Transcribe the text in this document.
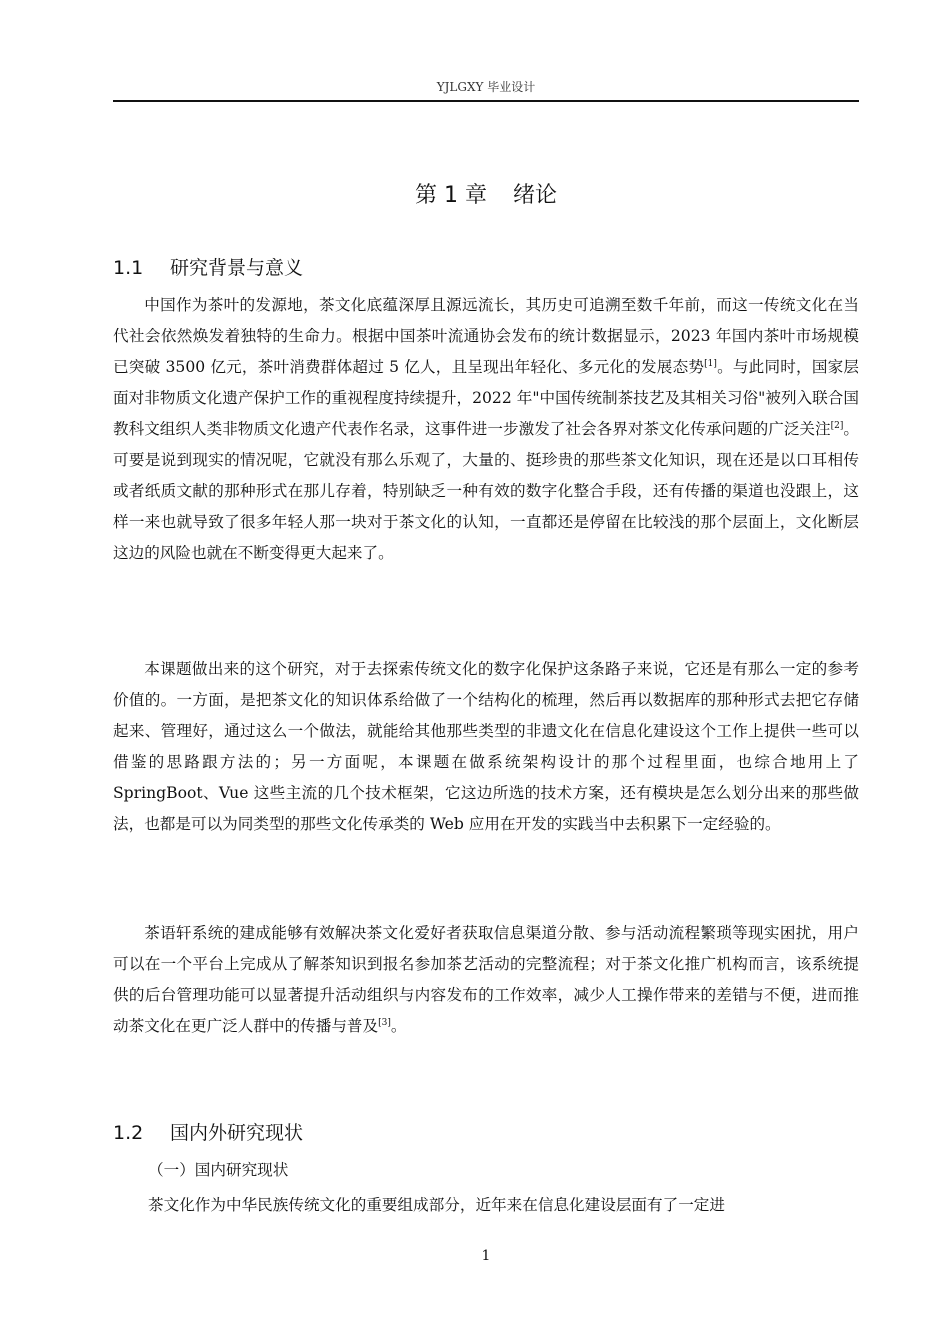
YJLGXY 毕业设计
第 1 章 绪论
1.1 研究背景与意义

中国作为茶叶的发源地，茶文化底蕴深厚且源远流长，其历史可追溯至数千年前，而这一传统文化在当代社会依然焕发着独特的生命力。根据中国茶叶流通协会发布的统计数据显示，2023 年国内茶叶市场规模已突破 3500 亿元，茶叶消费群体超过 5 亿人，且呈现出年轻化、多元化的发展态势[1]。与此同时，国家层面对非物质文化遗产保护工作的重视程度持续提升，2022 年"中国传统制茶技艺及其相关习俗"被列入联合国教科文组织人类非物质文化遗产代表作名录，这事件进一步激发了社会各界对茶文化传承问题的广泛关注[2]。可要是说到现实的情况呢，它就没有那么乐观了，大量的、挺珍贵的那些茶文化知识，现在还是以口耳相传或者纸质文献的那种形式在那儿存着，特别缺乏一种有效的数字化整合手段，还有传播的渠道也没跟上，这样一来也就导致了很多年轻人那一块对于茶文化的认知，一直都还是停留在比较浅的那个层面上，文化断层这边的风险也就在不断变得更大起来了。

本课题做出来的这个研究，对于去探索传统文化的数字化保护这条路子来说，它还是有那么一定的参考价值的。一方面，是把茶文化的知识体系给做了一个结构化的梳理，然后再以数据库的那种形式去把它存储起来、管理好，通过这么一个做法，就能给其他那些类型的非遗文化在信息化建设这个工作上提供一些可以借鉴的思路跟方法的；另一方面呢，本课题在做系统架构设计的那个过程里面，也综合地用上了 SpringBoot、Vue 这些主流的几个技术框架，它这边所选的技术方案，还有模块是怎么划分出来的那些做法，也都是可以为同类型的那些文化传承类的 Web 应用在开发的实践当中去积累下一定经验的。

茶语轩系统的建成能够有效解决茶文化爱好者获取信息渠道分散、参与活动流程繁琐等现实困扰，用户可以在一个平台上完成从了解茶知识到报名参加茶艺活动的完整流程；对于茶文化推广机构而言，该系统提供的后台管理功能可以显著提升活动组织与内容发布的工作效率，减少人工操作带来的差错与不便，进而推动茶文化在更广泛人群中的传播与普及[3]。

1.2 国内外研究现状
（一）国内研究现状

茶文化作为中华民族传统文化的重要组成部分，近年来在信息化建设层面有了一定进

1
